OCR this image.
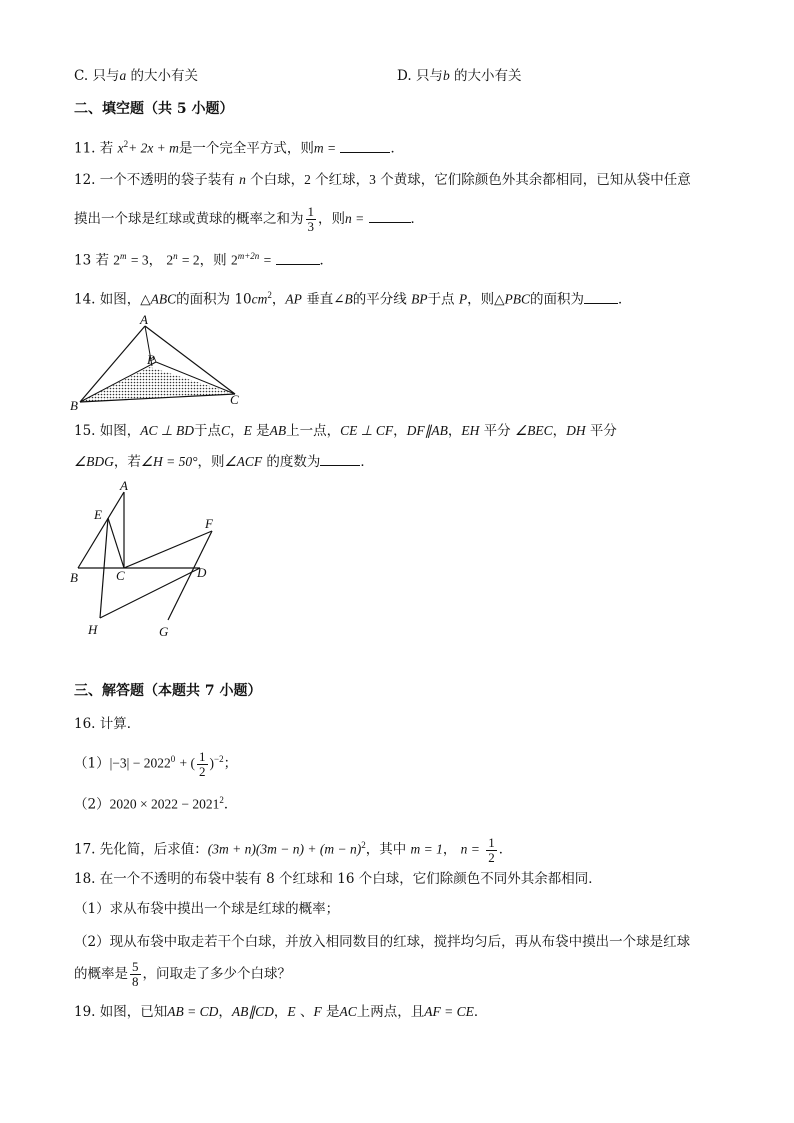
C. 只与a 的大小有关	D. 只与b 的大小有关
二、填空题（共 5 小题）
11. 若 $x^2+ 2x + m$是一个完全平方式，则m =	．
12. 一个不透明的袋子装有 n 个白球，2 个红球，3 个黄球，它们除颜色外其余都相同，已知从袋中任意
摸出一个球是红球或黄球的概率之和为 $\frac{1}{3}$ ，则n =	．
13 若 $2^m = 3$， $2^n = 2$，则 $2^{m+2n}$ =	．
14. 如图，△ABC的面积为 $10cm^2$，AP 垂直∠B的平分线 BP于点 P，则△PBC的面积为	．
A
B	C
P
15. 如图，AC ⊥ BD于点C，E 是AB上一点，CE ⊥ CF，DF∥AB，EH 平分 ∠BEC，DH 平分
∠BDG，若∠H = 50°，则∠ACF 的度数为	．
A
E
F
B	C	D
H	G
三、解答题（本题共 7 小题）
16. 计算．
$(1)|-3| - 2022^0$ + ( $\frac{1}{2} )^{-2}$；
$(2)2020 \times 2022 - 2021^2$．
17. 先化简，后求值：$(3m + n)(3m - n) + (m - n)^2$，其中 m = 1， $n = \frac{1}{2}$ ．
18. 在一个不透明的布袋中装有 8 个红球和 16 个白球，它们除颜色不同外其余都相同．
（1）求从布袋中摸出一个球是红球的概率；
（2）现从布袋中取走若干个白球，并放入相同数目的红球，搅拌均匀后，再从布袋中摸出一个球是红球
的概率是 $\frac{5}{8}$ ，问取走了多少个白球？
19. 如图，已知AB = CD，AB∥CD，E 、F 是AC上两点，且AF = CE．
